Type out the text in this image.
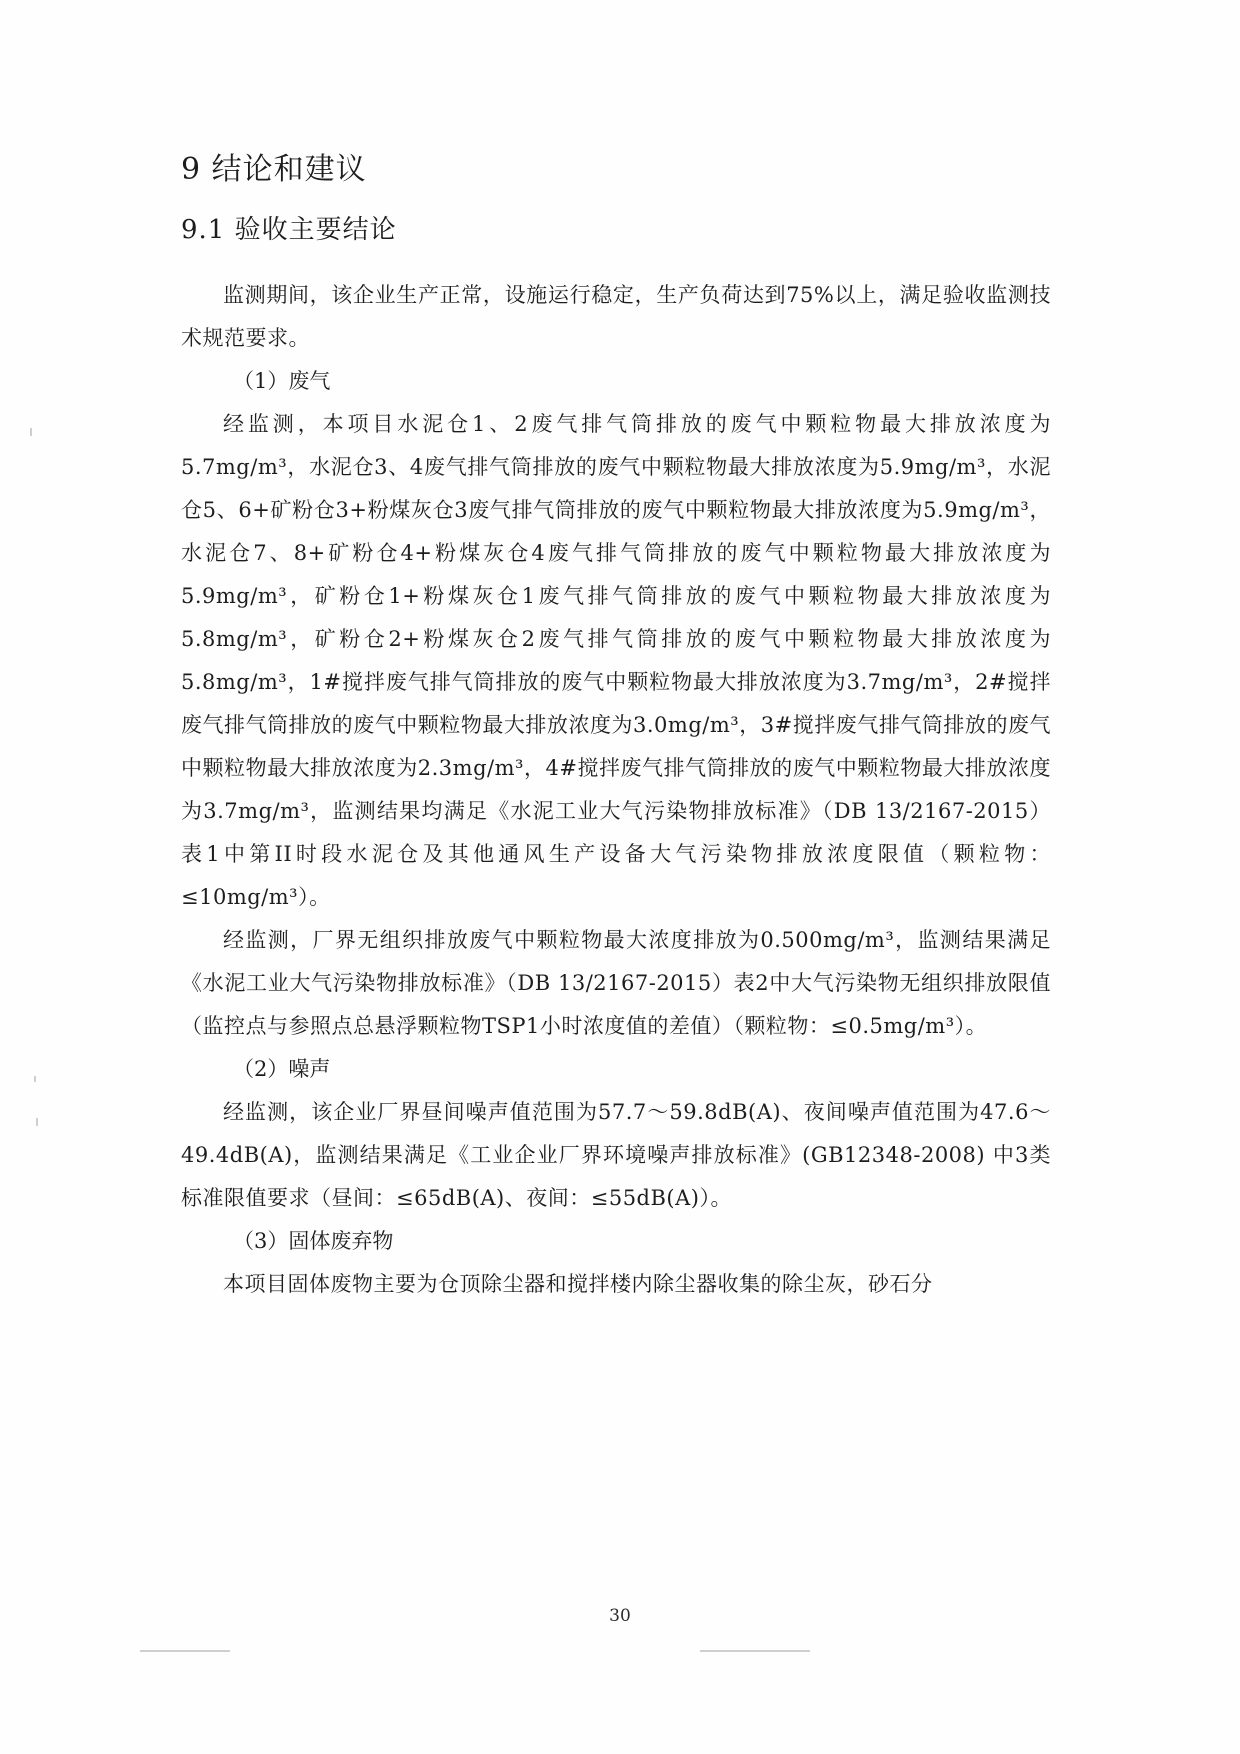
9 结论和建议
9.1 验收主要结论

监测期间，该企业生产正常，设施运行稳定，生产负荷达到75%以上，满足验收监测技术规范要求。

（1）废气

经监测，本项目水泥仓1、2废气排气筒排放的废气中颗粒物最大排放浓度为5.7mg/m³，水泥仓3、4废气排气筒排放的废气中颗粒物最大排放浓度为5.9mg/m³，水泥仓5、6+矿粉仓3+粉煤灰仓3废气排气筒排放的废气中颗粒物最大排放浓度为5.9mg/m³，水泥仓7、8+矿粉仓4+粉煤灰仓4废气排气筒排放的废气中颗粒物最大排放浓度为5.9mg/m³，矿粉仓1+粉煤灰仓1废气排气筒排放的废气中颗粒物最大排放浓度为5.8mg/m³，矿粉仓2+粉煤灰仓2废气排气筒排放的废气中颗粒物最大排放浓度为5.8mg/m³，1#搅拌废气排气筒排放的废气中颗粒物最大排放浓度为3.7mg/m³，2#搅拌废气排气筒排放的废气中颗粒物最大排放浓度为3.0mg/m³，3#搅拌废气排气筒排放的废气中颗粒物最大排放浓度为2.3mg/m³，4#搅拌废气排气筒排放的废气中颗粒物最大排放浓度为3.7mg/m³，监测结果均满足《水泥工业大气污染物排放标准》（DB 13/2167-2015）表1中第II时段水泥仓及其他通风生产设备大气污染物排放浓度限值（颗粒物：≤10mg/m³）。

经监测，厂界无组织排放废气中颗粒物最大浓度排放为0.500mg/m³，监测结果满足《水泥工业大气污染物排放标准》（DB 13/2167-2015）表2中大气污染物无组织排放限值（监控点与参照点总悬浮颗粒物TSP1小时浓度值的差值）（颗粒物：≤0.5mg/m³）。

（2）噪声

经监测，该企业厂界昼间噪声值范围为57.7～59.8dB(A)、夜间噪声值范围为47.6～49.4dB(A)，监测结果满足《工业企业厂界环境噪声排放标准》(GB12348-2008) 中3类标准限值要求（昼间：≤65dB(A)、夜间：≤55dB(A)）。

（3）固体废弃物

本项目固体废物主要为仓顶除尘器和搅拌楼内除尘器收集的除尘灰，砂石分

30
